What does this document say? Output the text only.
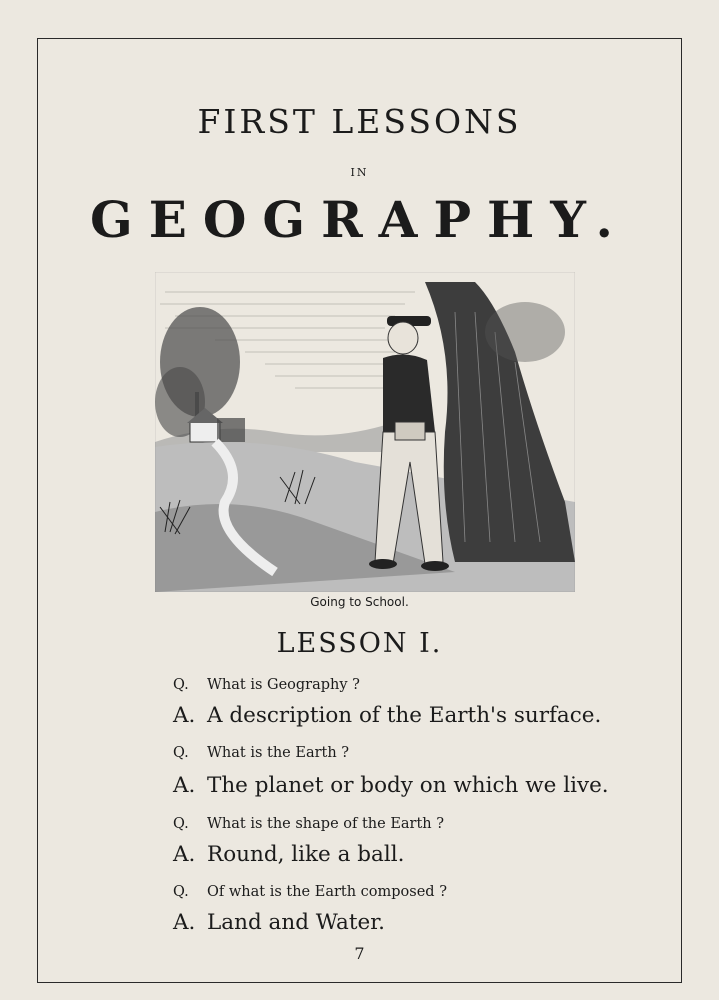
FIRST LESSONS
IN
GEOGRAPHY.
Going to School.
LESSON I.
Q. What is Geography ?
A. A description of the Earth's surface.
Q. What is the Earth ?
A. The planet or body on which we live.
Q. What is the shape of the Earth ?
A. Round, like a ball.
Q. Of what is the Earth composed ?
A. Land and Water.
7
